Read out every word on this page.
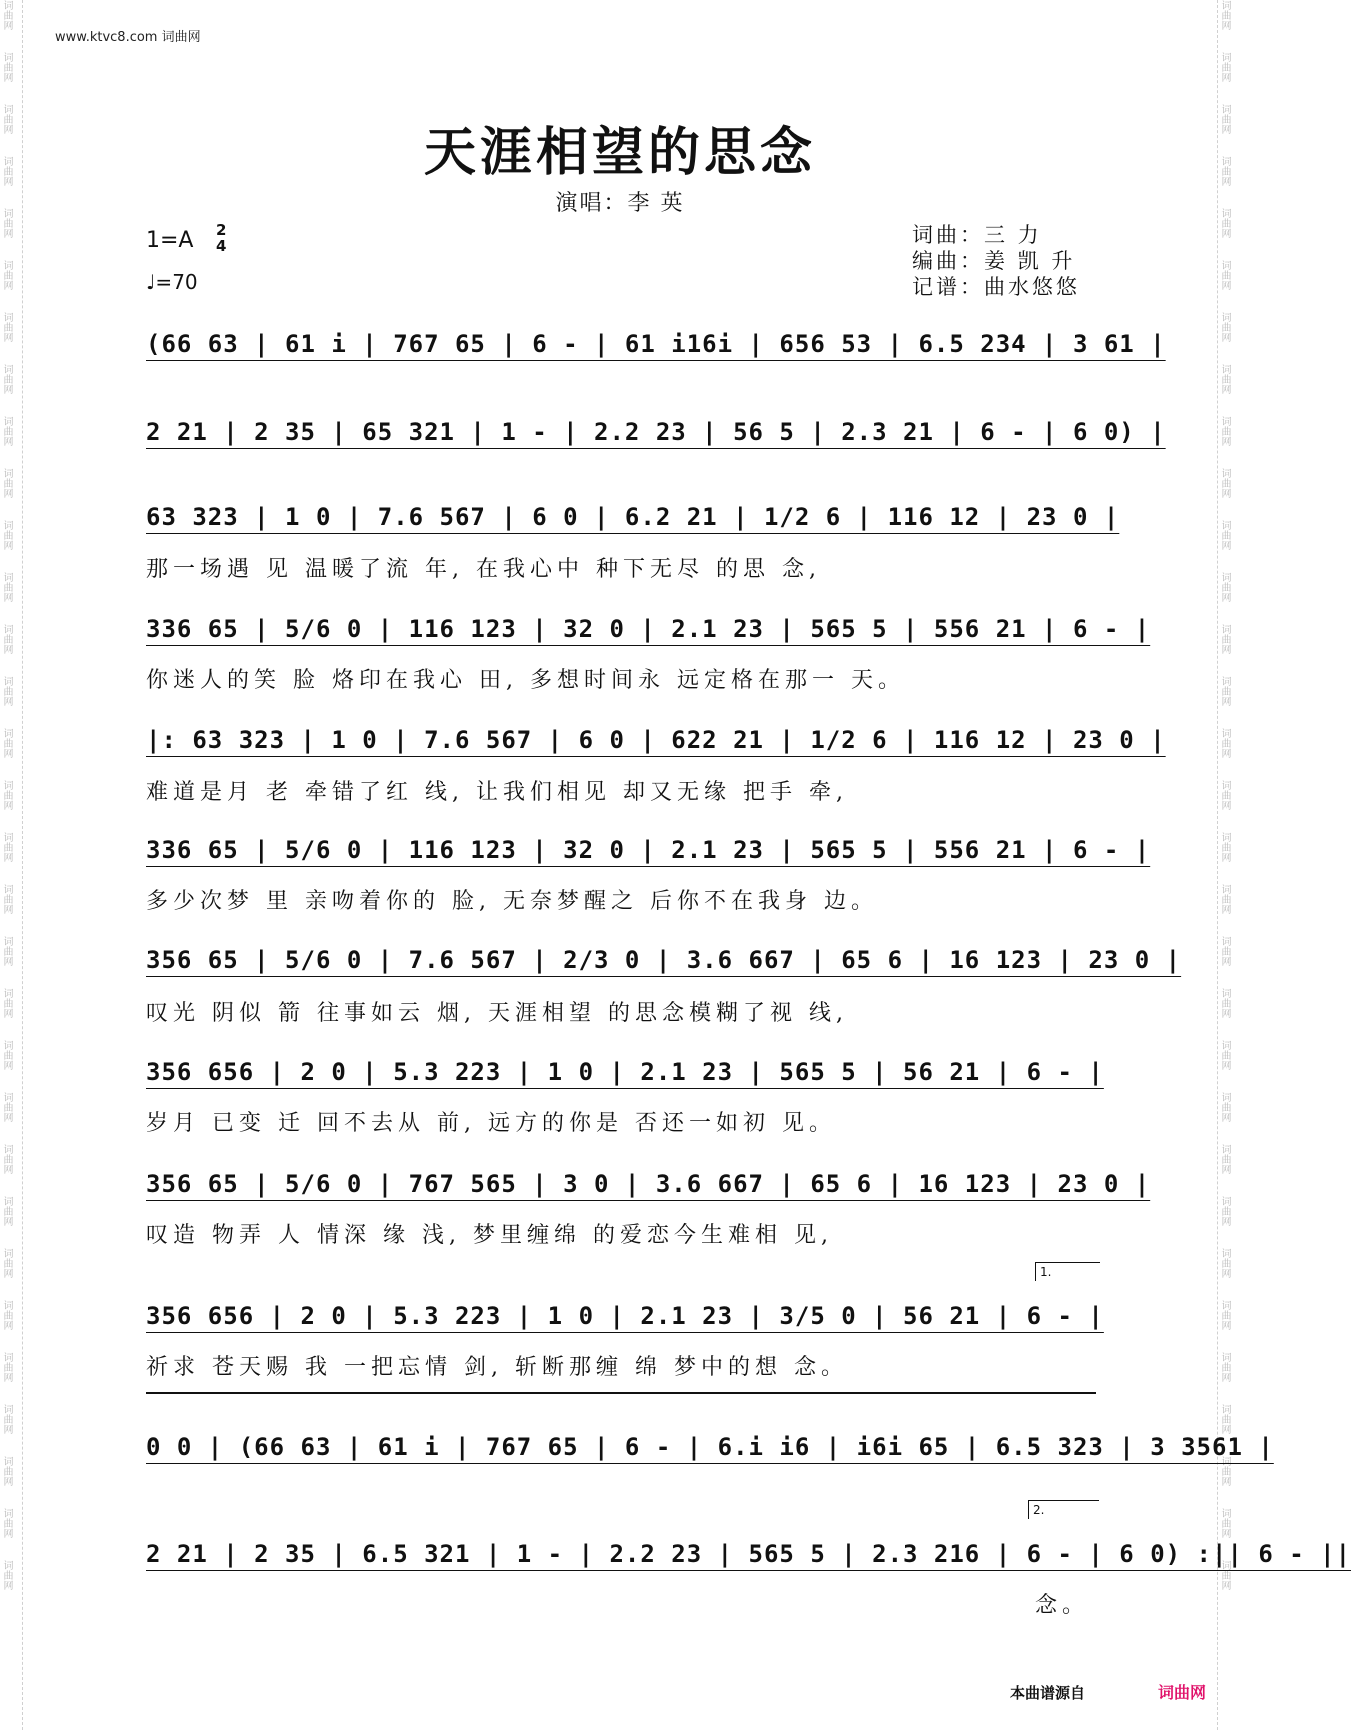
词曲网
词曲网
词曲网
词曲网
词曲网
词曲网
词曲网
词曲网
词曲网
词曲网
词曲网
词曲网
词曲网
词曲网
词曲网
词曲网
词曲网
词曲网
词曲网
词曲网
词曲网
词曲网
词曲网
词曲网
词曲网
词曲网
词曲网
词曲网
词曲网
词曲网
词曲网
词曲网
词曲网
词曲网
词曲网
词曲网
词曲网
词曲网
词曲网
词曲网
词曲网
词曲网
词曲网
词曲网
词曲网
词曲网
词曲网
词曲网
词曲网
词曲网
词曲网
词曲网
词曲网
词曲网
词曲网
词曲网
词曲网
词曲网
词曲网
词曲网
词曲网
词曲网
www.ktvc8.com 词曲网
天涯相望的思念
演唱：李 英
1=A 2
4
♩=70
词曲：三 力
编曲：姜 凯 升
记谱：曲水悠悠
(66 63 | 61 i | 767 65 | 6 - | 61 i16i | 656 53 | 6.5 234 | 3 61 |
2 21 | 2 35 | 65 321 | 1 - | 2.2 23 | 56 5 | 2.3 21 | 6 - | 6 0) |
63 323 | 1 0 | 7.6 567 | 6 0 | 6.2 21 | 1/2 6 | 116 12 | 23 0 |
那一场遇 见 温暖了流 年, 在我心中 种下无尽 的思 念,
336 65 | 5/6 0 | 116 123 | 32 0 | 2.1 23 | 565 5 | 556 21 | 6 - |
你迷人的笑 脸 烙印在我心 田, 多想时间永 远定格在那一 天。
|: 63 323 | 1 0 | 7.6 567 | 6 0 | 622 21 | 1/2 6 | 116 12 | 23 0 |
难道是月 老 牵错了红 线, 让我们相见 却又无缘 把手 牵,
336 65 | 5/6 0 | 116 123 | 32 0 | 2.1 23 | 565 5 | 556 21 | 6 - |
多少次梦 里 亲吻着你的 脸, 无奈梦醒之 后你不在我身 边。
356 65 | 5/6 0 | 7.6 567 | 2/3 0 | 3.6 667 | 65 6 | 16 123 | 23 0 |
叹光 阴似 箭 往事如云 烟, 天涯相望 的思念模糊了视 线,
356 656 | 2 0 | 5.3 223 | 1 0 | 2.1 23 | 565 5 | 56 21 | 6 - |
岁月 已变 迁 回不去从 前, 远方的你是 否还一如初 见。
356 65 | 5/6 0 | 767 565 | 3 0 | 3.6 667 | 65 6 | 16 123 | 23 0 |
叹造 物弄 人 情深 缘 浅, 梦里缠绵 的爱恋今生难相 见,
1.
356 656 | 2 0 | 5.3 223 | 1 0 | 2.1 23 | 3/5 0 | 56 21 | 6 - |
祈求 苍天赐 我 一把忘情 剑, 斩断那缠 绵 梦中的想 念。
0 0 | (66 63 | 61 i | 767 65 | 6 - | 6.i i6 | i6i 65 | 6.5 323 | 3 3561 |
2.
2 21 | 2 35 | 6.5 321 | 1 - | 2.2 23 | 565 5 | 2.3 216 | 6 - | 6 0) :|| 6 - ||
念。
本曲谱源自	词曲网
